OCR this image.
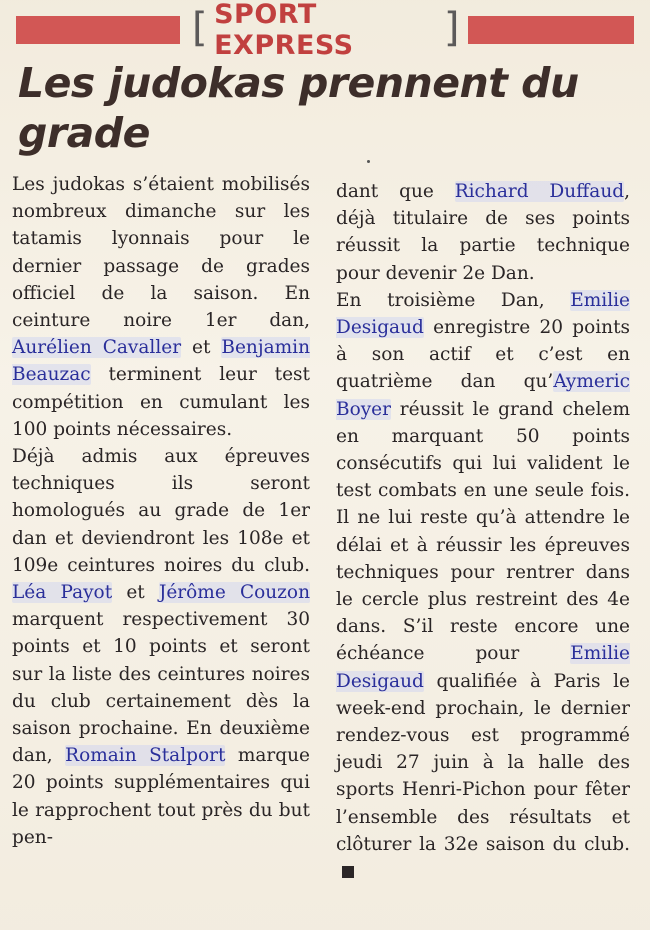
[ SPORT EXPRESS	]
Les judokas prennent du grade

Les judokas s’étaient mobilisés nombreux dimanche sur les tatamis lyonnais pour le dernier passage de grades officiel de la saison. En ceinture noire 1er dan, Aurélien Cavaller et Benjamin Beauzac terminent leur test compétition en cumulant les 100 points nécessaires.

Déjà admis aux épreuves techniques ils seront homologués au grade de 1er dan et deviendront les 108e et 109e ceintures noires du club. Léa Payot et Jérôme Couzon marquent respectivement 30 points et 10 points et seront sur la liste des ceintures noires du club certainement dès la saison prochaine. En deuxième dan, Romain Stalport marque 20 points supplémentaires qui le rapprochent tout près du but pen-

dant que Richard Duffaud, déjà titulaire de ses points réussit la partie technique pour devenir 2e Dan.

En troisième Dan, Emilie Desigaud enregistre 20 points à son actif et c’est en quatrième dan qu’Aymeric Boyer réussit le grand chelem en marquant 50 points consécutifs qui lui valident le test combats en une seule fois. Il ne lui reste qu’à attendre le délai et à réussir les épreuves techniques pour rentrer dans le cercle plus restreint des 4e dans. S’il reste encore une échéance pour Emilie Desigaud qualifiée à Paris le week-end prochain, le dernier rendez-vous est programmé jeudi 27 juin à la halle des sports Henri-Pichon pour fêter l’ensemble des résultats et clôturer la 32e saison du club.
